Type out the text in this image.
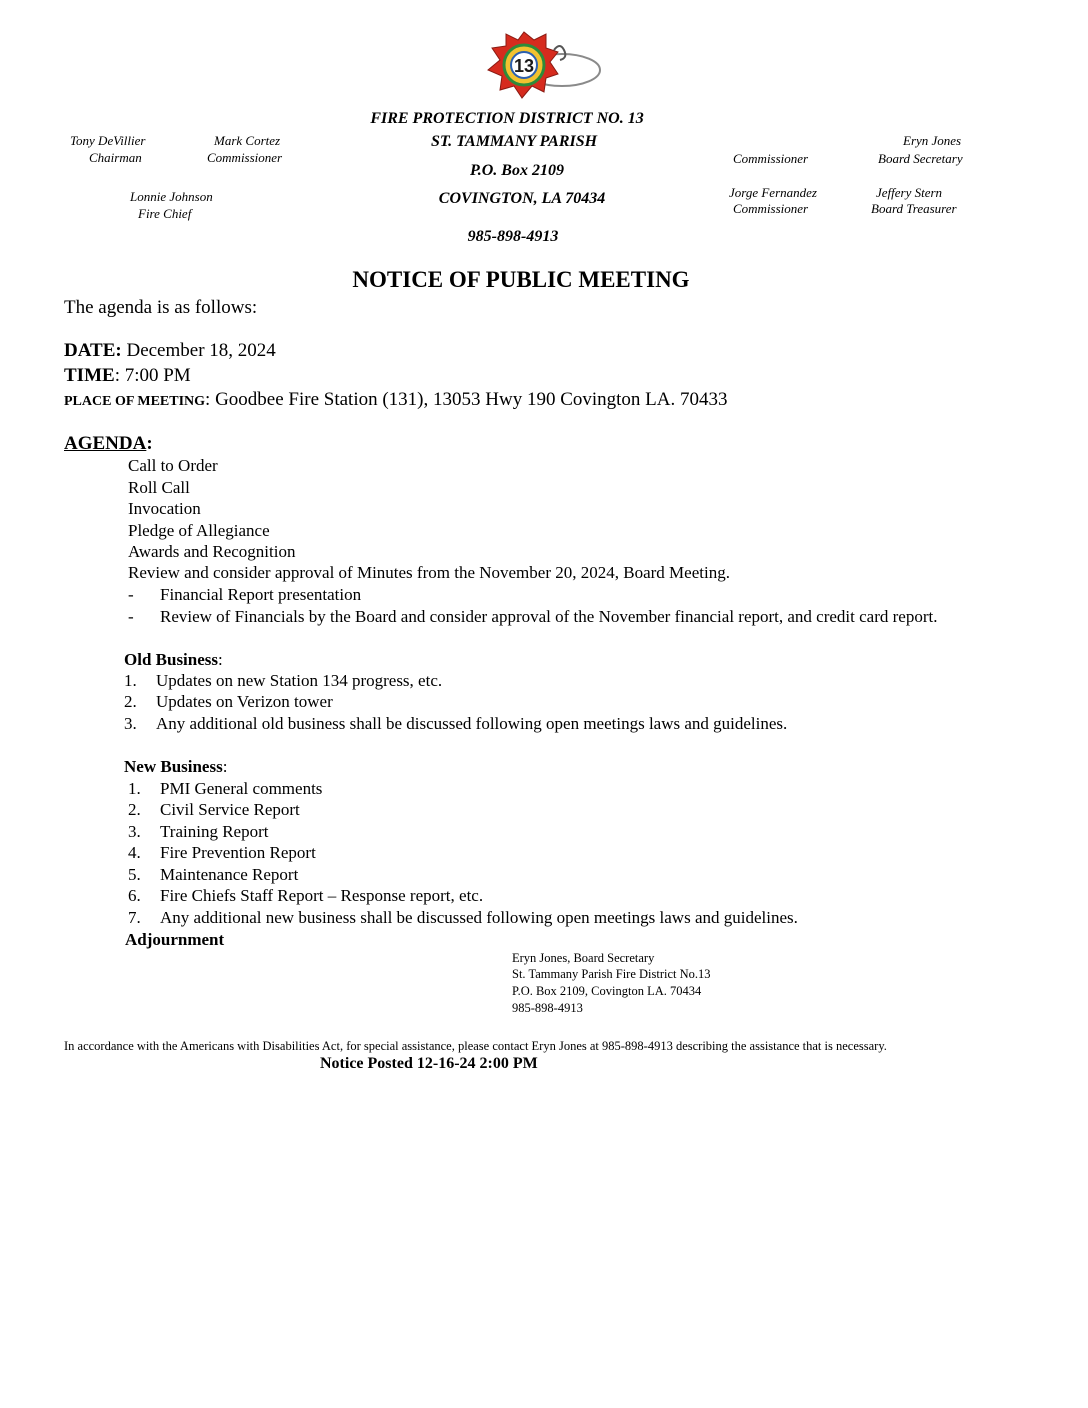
13
FIRE PROTECTION DISTRICT NO. 13
ST. TAMMANY PARISH
P.O. Box 2109
COVINGTON, LA 70434
985-898-4913
Tony DeVillier
Chairman
Mark Cortez
Commissioner
Lonnie Johnson
Fire Chief
Commissioner
Eryn Jones
Board Secretary
Jorge Fernandez
Commissioner
Jeffery Stern
Board Treasurer
NOTICE OF PUBLIC MEETING
The agenda is as follows:
DATE: December 18, 2024
TIME: 7:00 PM
PLACE OF MEETING: Goodbee Fire Station (131), 13053 Hwy 190 Covington LA. 70433
AGENDA:
Call to Order
Roll Call
Invocation
Pledge of Allegiance
Awards and Recognition
Review and consider approval of Minutes from the November 20, 2024, Board Meeting.
- Financial Report presentation
- Review of Financials by the Board and consider approval of the November financial report, and credit card report.
Old Business:
1. Updates on new Station 134 progress, etc.
2. Updates on Verizon tower
3. Any additional old business shall be discussed following open meetings laws and guidelines.
New Business:
1. PMI General comments
2. Civil Service Report
3. Training Report
4. Fire Prevention Report
5. Maintenance Report
6. Fire Chiefs Staff Report – Response report, etc.
7. Any additional new business shall be discussed following open meetings laws and guidelines.
Adjournment
Eryn Jones, Board Secretary
St. Tammany Parish Fire District No.13
P.O. Box 2109, Covington LA. 70434
985-898-4913
In accordance with the Americans with Disabilities Act, for special assistance, please contact Eryn Jones at 985-898-4913 describing the assistance that is necessary.
Notice Posted 12-16-24 2:00 PM
